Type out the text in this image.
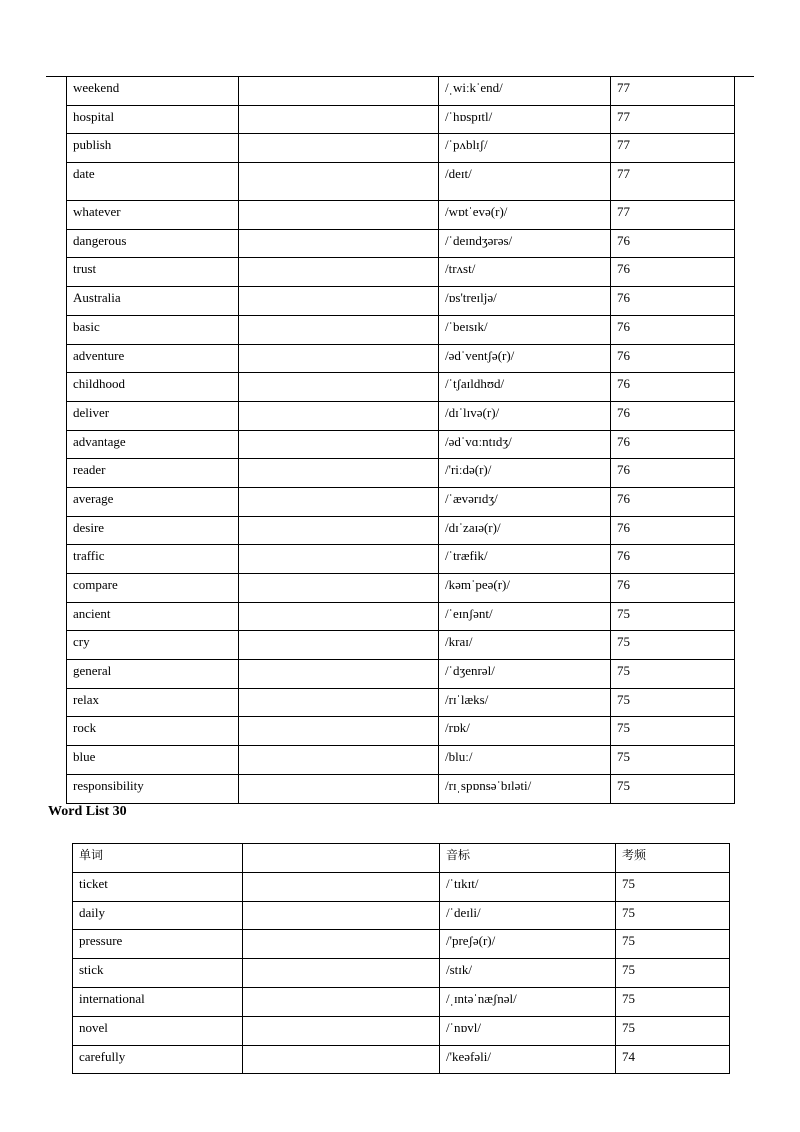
weekend		/ˌwiːkˈend/	77
hospital		/ˈhɒspɪtl/	77
publish		/ˈpʌblɪʃ/	77
date		/deɪt/	77
whatever		/wɒtˈevə(r)/	77
dangerous		/ˈdeɪndʒərəs/	76
trust		/trʌst/	76
Australia		/ɒs'treɪljə/	76
basic		/ˈbeɪsɪk/	76
adventure		/ədˈventʃə(r)/	76
childhood		/ˈtʃaɪldhʊd/	76
deliver		/dɪˈlɪvə(r)/	76
advantage		/ədˈvɑːntɪdʒ/	76
reader		/'riːdə(r)/	76
average		/ˈævərɪdʒ/	76
desire		/dɪˈzaɪə(r)/	76
traffic		/ˈtræfik/	76
compare		/kəmˈpeə(r)/	76
ancient		/ˈeɪnʃənt/	75
cry		/kraɪ/	75
general		/ˈdʒenrəl/	75
relax		/rɪˈlæks/	75
rock		/rɒk/	75
blue		/bluː/	75
responsibility		/rɪˌspɒnsəˈbɪləti/	75
Word List 30
单词		音标	考频
ticket		/ˈtɪkɪt/	75
daily		/ˈdeɪli/	75
pressure		/'preʃə(r)/	75
stick		/stɪk/	75
international		/ˌɪntəˈnæʃnəl/	75
novel		/ˈnɒvl/	75
carefully		/'keəfəli/	74
